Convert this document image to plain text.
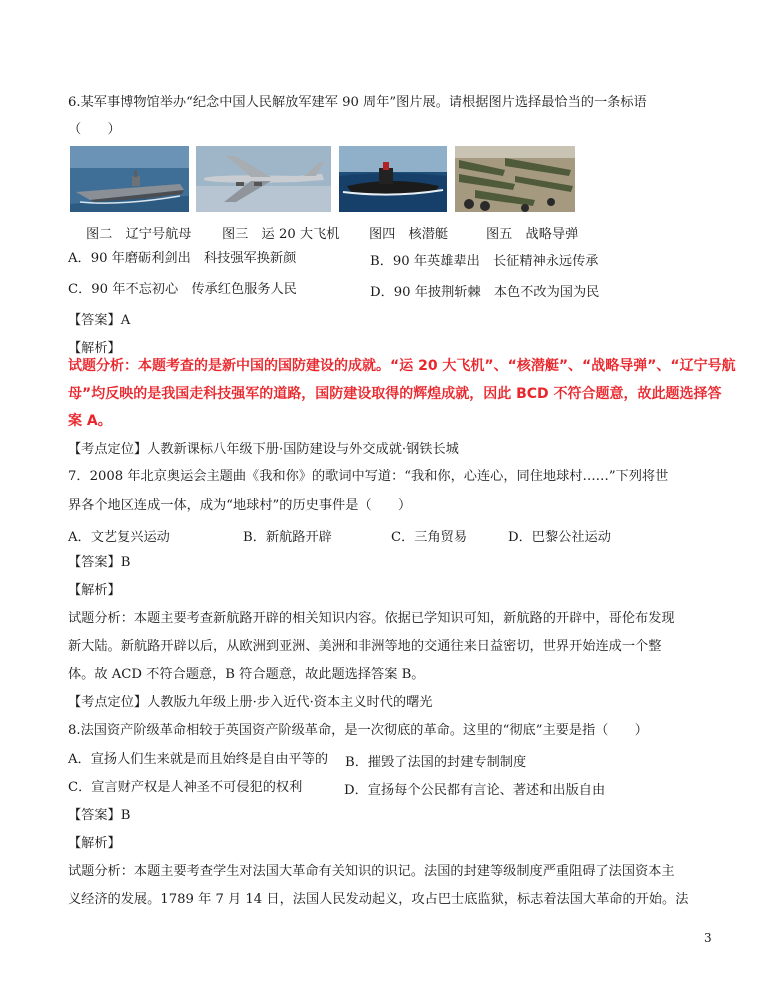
6.某军事博物馆举办“纪念中国人民解放军建军 90 周年”图片展。请根据图片选择最恰当的一条标语
（　　）
图二　辽宁号航母 图三　运 20 大飞机 图四　核潜艇	图五　战略导弹
A．90 年磨砺利剑出　科技强军换新颜	B．90 年英雄辈出　长征精神永远传承
C．90 年不忘初心　传承红色服务人民	D．90 年披荆斩棘　本色不改为国为民
【答案】A
【解析】
试题分析：本题考查的是新中国的国防建设的成就。“运 20 大飞机”、“核潜艇”、“战略导弹”、“辽宁号航
母”均反映的是我国走科技强军的道路，国防建设取得的辉煌成就，因此 BCD 不符合题意，故此题选择答
案 A。
【考点定位】人教新课标八年级下册·国防建设与外交成就·钢铁长城
7．2008 年北京奥运会主题曲《我和你》的歌词中写道：“我和你，心连心，同住地球村……”下列将世
界各个地区连成一体，成为“地球村”的历史事件是（　　）
A．文艺复兴运动	B．新航路开辟	C．三角贸易	D．巴黎公社运动
【答案】B
【解析】
试题分析：本题主要考查新航路开辟的相关知识内容。依据已学知识可知，新航路的开辟中，哥伦布发现
新大陆。新航路开辟以后，从欧洲到亚洲、美洲和非洲等地的交通往来日益密切，世界开始连成一个整
体。故 ACD 不符合题意，B 符合题意，故此题选择答案 B。
【考点定位】人教版九年级上册·步入近代·资本主义时代的曙光
8.法国资产阶级革命相较于英国资产阶级革命，是一次彻底的革命。这里的“彻底”主要是指（　　）
A．宣扬人们生来就是而且始终是自由平等的 B．摧毁了法国的封建专制制度
C．宣言财产权是人神圣不可侵犯的权利	D．宣扬每个公民都有言论、著述和出版自由
【答案】B
【解析】
试题分析：本题主要考查学生对法国大革命有关知识的识记。法国的封建等级制度严重阻碍了法国资本主
义经济的发展。1789 年 7 月 14 日，法国人民发动起义，攻占巴士底监狱，标志着法国大革命的开始。法
3
